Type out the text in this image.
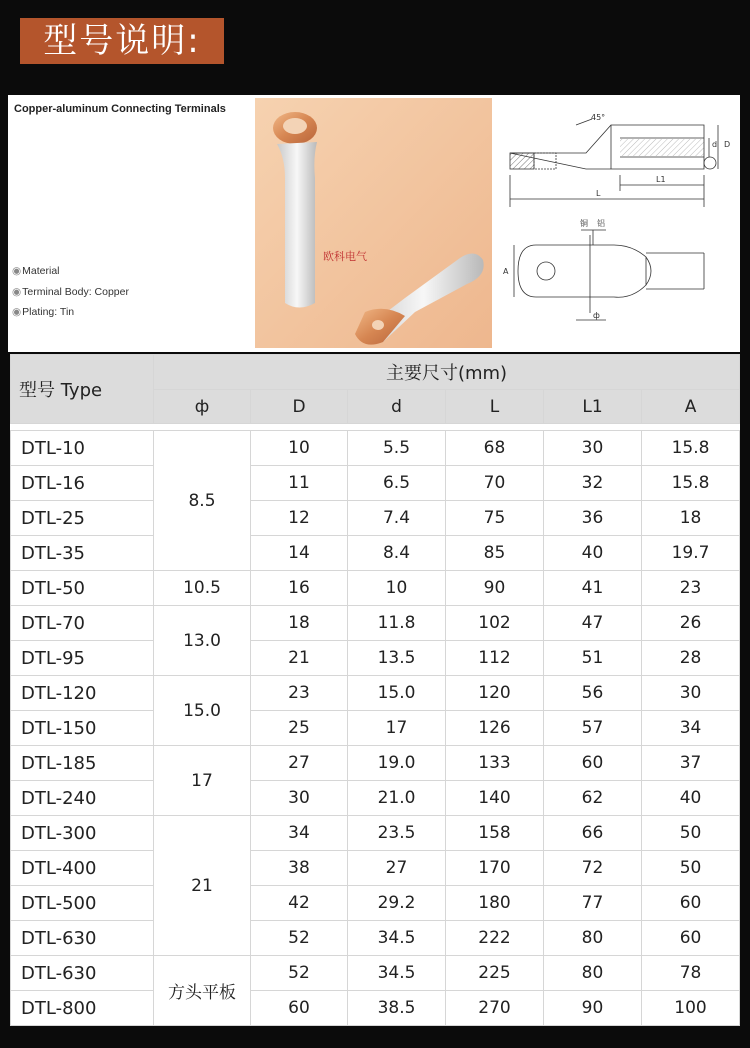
型号说明:
Copper-aluminum Connecting Terminals
◉Material
◉Terminal Body: Copper
◉Plating: Tin
欧科电气
45°
D
d
L
L1
A
ф
铜 铝
型号 Type	主要尺寸(mm)					
	ф	D	d	L	L1	A

DTL-10	8.5	10	5.5	68	30	15.8
DTL-16		11	6.5	70	32	15.8
DTL-25		12	7.4	75	36	18
DTL-35		14	8.4	85	40	19.7
DTL-50	10.5	16	10	90	41	23
DTL-70	13.0	18	11.8	102	47	26
DTL-95		21	13.5	112	51	28
DTL-120	15.0	23	15.0	120	56	30
DTL-150		25	17	126	57	34
DTL-185	17	27	19.0	133	60	37
DTL-240		30	21.0	140	62	40
DTL-300	21	34	23.5	158	66	50
DTL-400		38	27	170	72	50
DTL-500		42	29.2	180	77	60
DTL-630		52	34.5	222	80	60
DTL-630	方头平板	52	34.5	225	80	78
DTL-800		60	38.5	270	90	100
